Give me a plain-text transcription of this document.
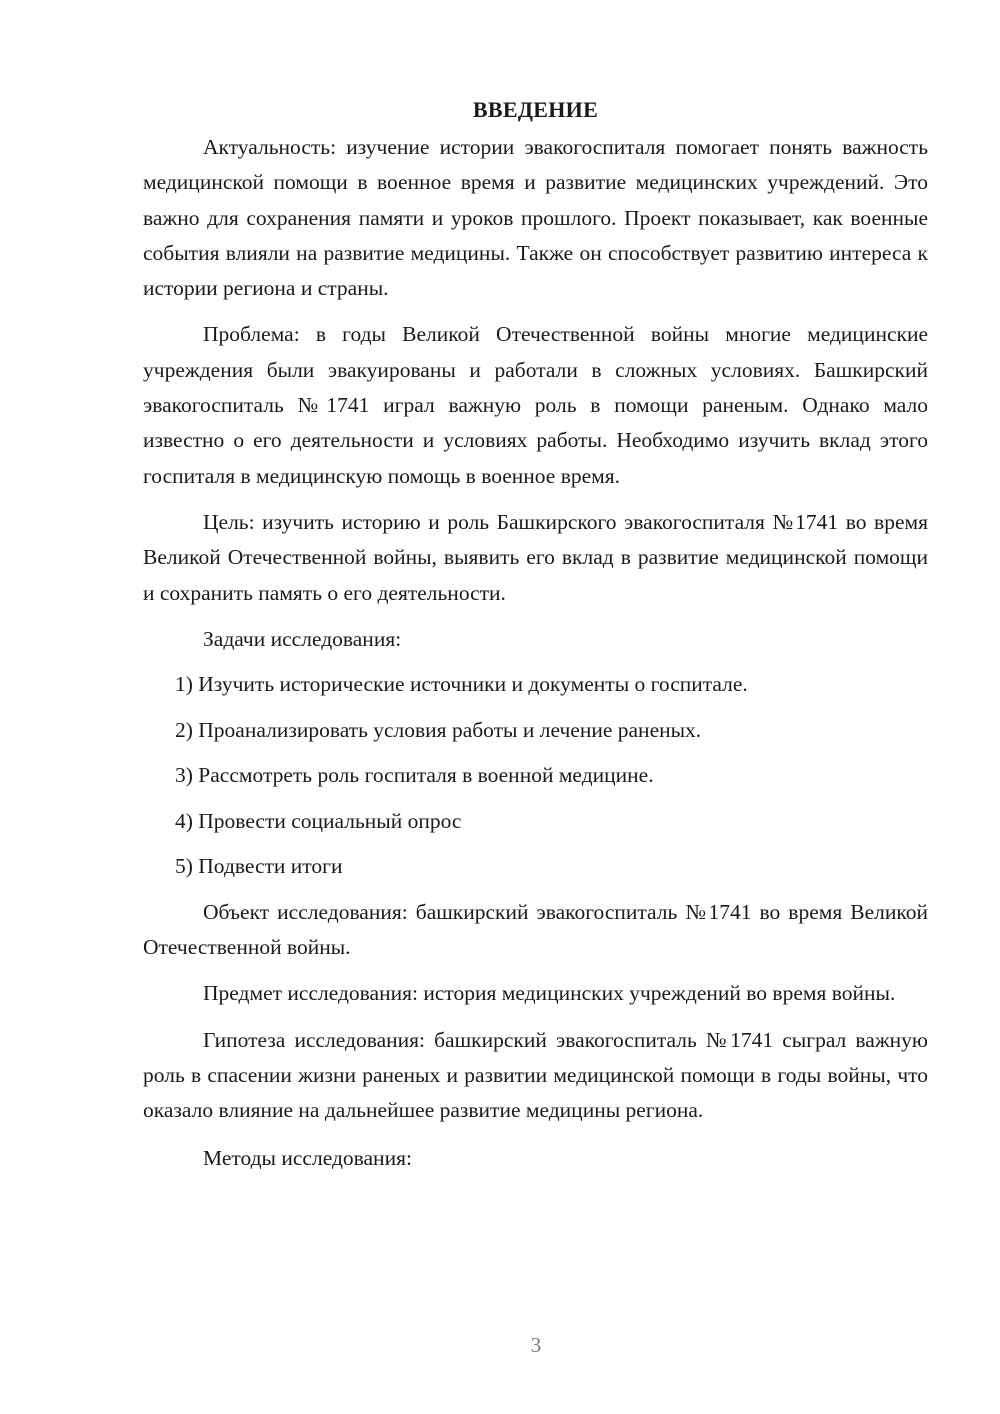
ВВЕДЕНИЕ

Актуальность: изучение истории эвакогоспиталя помогает понять важность медицинской помощи в военное время и развитие медицинских учреждений. Это важно для сохранения памяти и уроков прошлого. Проект показывает, как военные события влияли на развитие медицины. Также он способствует развитию интереса к истории региона и страны.

Проблема: в годы Великой Отечественной войны многие медицинские учреждения были эвакуированы и работали в сложных условиях. Башкирский эвакогоспиталь №1741 играл важную роль в помощи раненым. Однако мало известно о его деятельности и условиях работы. Необходимо изучить вклад этого госпиталя в медицинскую помощь в военное время.

Цель: изучить историю и роль Башкирского эвакогоспиталя №1741 во время Великой Отечественной войны, выявить его вклад в развитие медицинской помощи и сохранить память о его деятельности.

Задачи исследования:
1) Изучить исторические источники и документы о госпитале.
2) Проанализировать условия работы и лечение раненых.
3) Рассмотреть роль госпиталя в военной медицине.
4) Провести социальный опрос
5) Подвести итоги

Объект исследования: башкирский эвакогоспиталь №1741 во время Великой Отечественной войны.

Предмет исследования: история медицинских учреждений во время войны.

Гипотеза исследования: башкирский эвакогоспиталь №1741 сыграл важную роль в спасении жизни раненых и развитии медицинской помощи в годы войны, что оказало влияние на дальнейшее развитие медицины региона.

Методы исследования:
3
